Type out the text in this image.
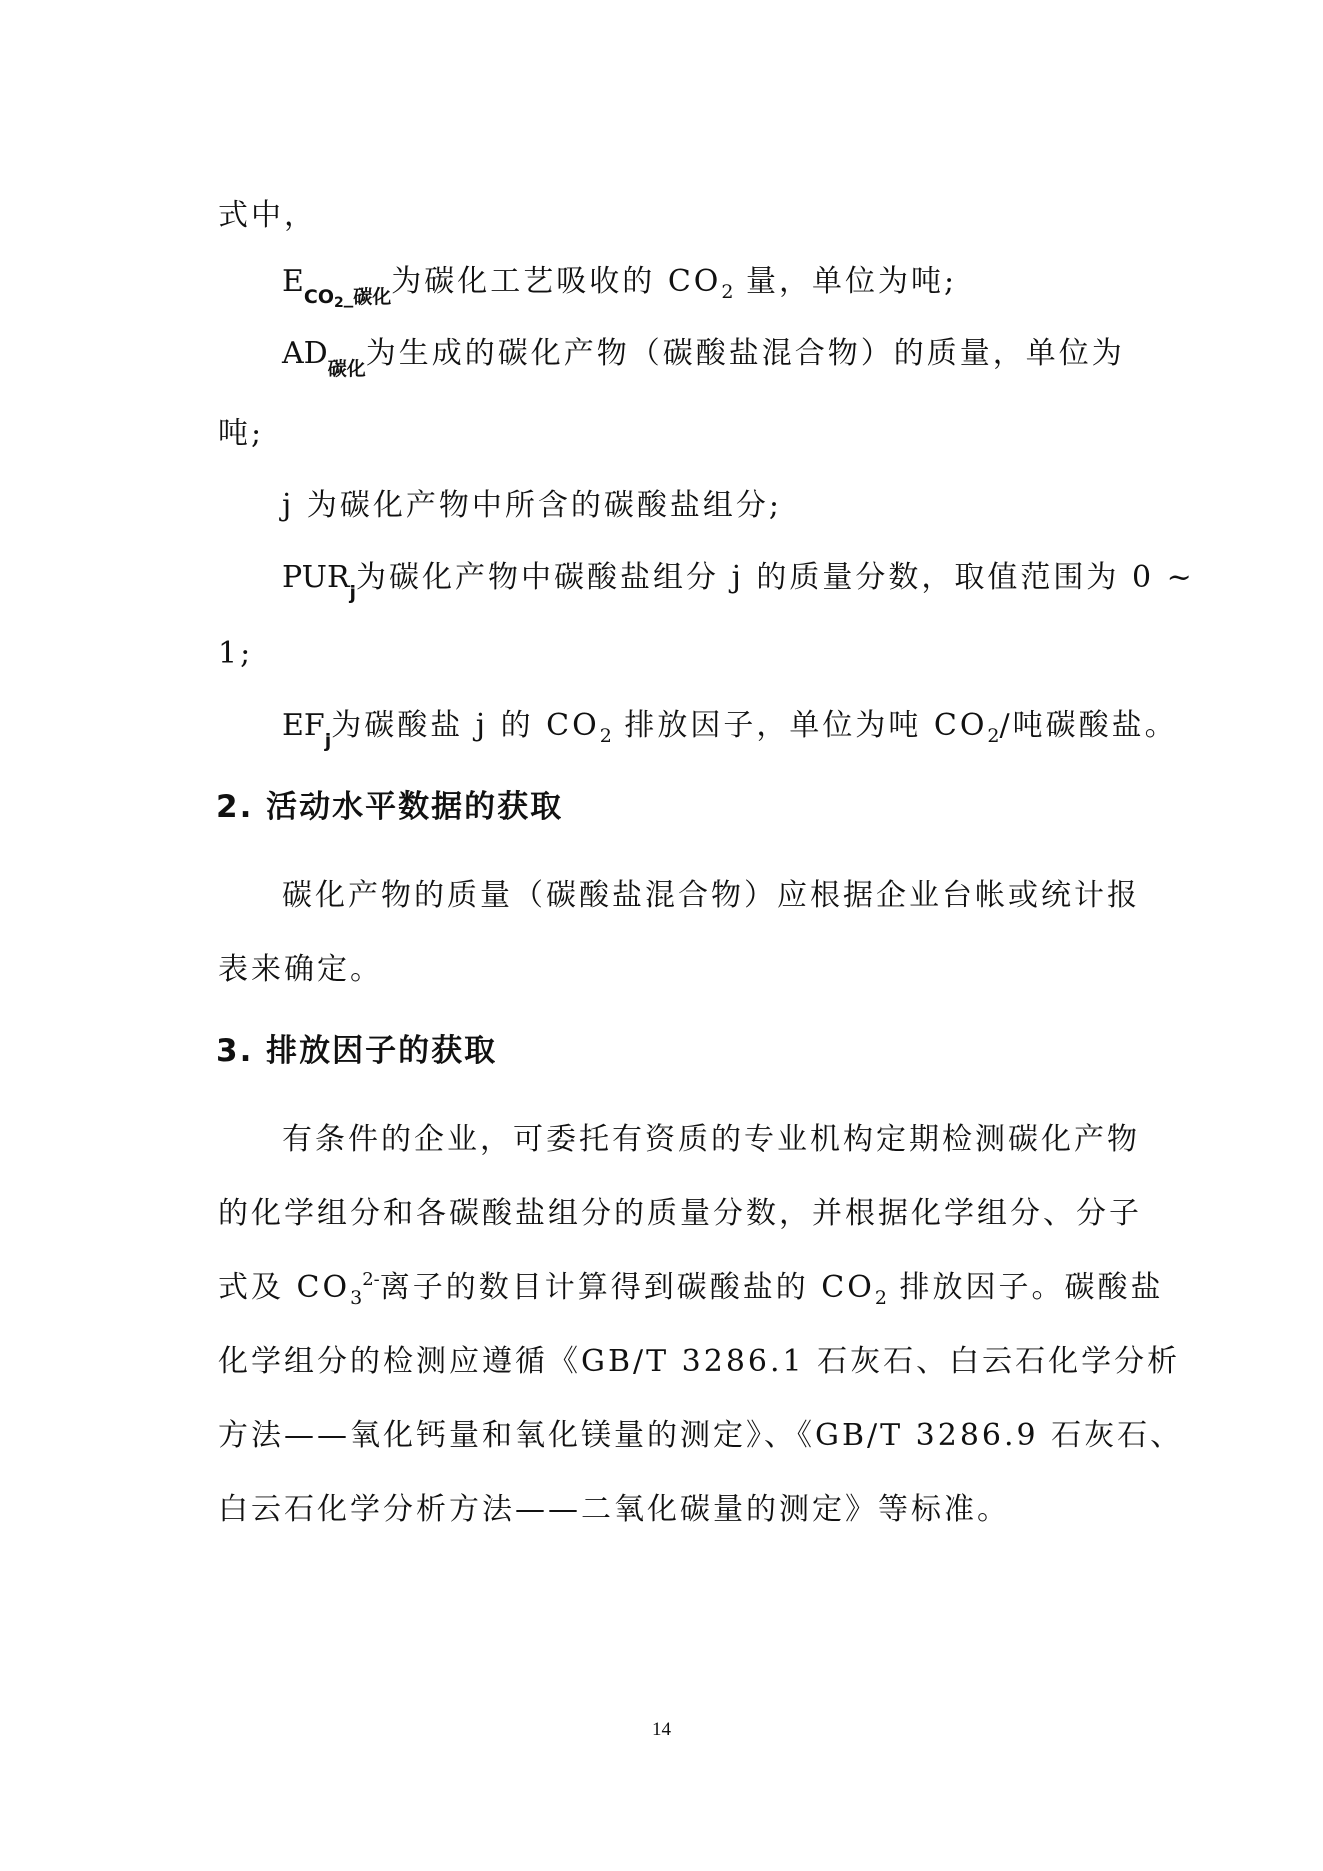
式中，
$E_{CO_2\_碳化}$为碳化工艺吸收的 $CO_2$ 量，单位为吨;
$AD_{碳化}$为生成的碳化产物（碳酸盐混合物）的质量，单位为
吨;
j 为碳化产物中所含的碳酸盐组分;
$PUR_j$为碳化产物中碳酸盐组分 j 的质量分数，取值范围为 0 ~
1;
$EF_j$为碳酸盐 j 的 $CO_2$ 排放因子，单位为吨 $CO_2/$吨碳酸盐。
2. 活动水平数据的获取
碳化产物的质量（碳酸盐混合物）应根据企业台帐或统计报
表来确定。
3. 排放因子的获取
有条件的企业，可委托有资质的专业机构定期检测碳化产物
的化学组分和各碳酸盐组分的质量分数，并根据化学组分、分子
式及 $CO_3^{2-}$离子的数目计算得到碳酸盐的 $CO_2$ 排放因子。碳酸盐
化学组分的检测应遵循《GB/T 3286.1 石灰石、白云石化学分析
方法——氧化钙量和氧化镁量的测定》、《GB/T 3286.9 石灰石、
白云石化学分析方法——二氧化碳量的测定》等标准。
14
